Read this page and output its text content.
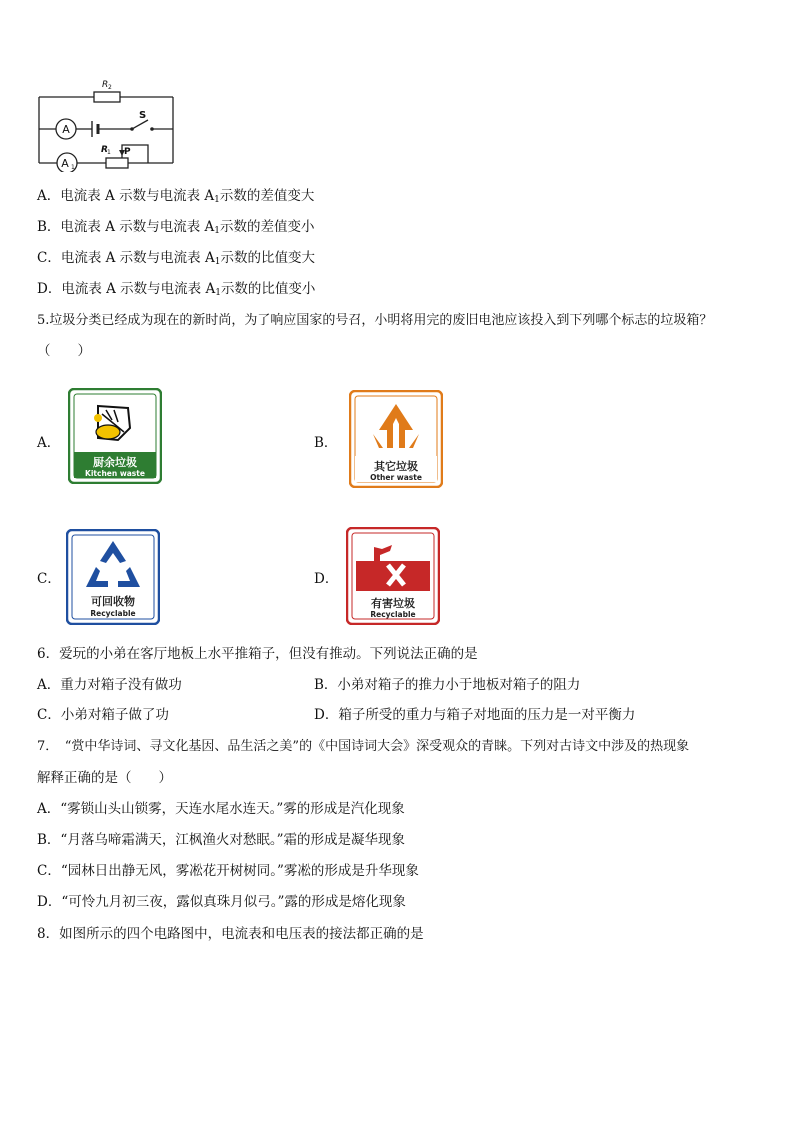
A
A 1
R 2
S
R 1 P
A．电流表 A 示数与电流表 $A_1$示数的差值变大
B．电流表 A 示数与电流表 $A_1$示数的差值变小
C．电流表 A 示数与电流表 $A_1$示数的比值变大
D．电流表 A 示数与电流表 $A_1$示数的比值变小
5.垃圾分类已经成为现在的新时尚，为了响应国家的号召，小明将用完的废旧电池应该投入到下列哪个标志的垃圾箱？
（　　）
A．
厨余垃圾
Kitchen waste
B．
其它垃圾
Other waste
C．
可回收物
Recyclable
D．
有害垃圾
Recyclable
6．爱玩的小弟在客厅地板上水平推箱子，但没有推动。下列说法正确的是
A．重力对箱子没有做功	B．小弟对箱子的推力小于地板对箱子的阻力
C．小弟对箱子做了功	D．箱子所受的重力与箱子对地面的压力是一对平衡力
7．　“赏中华诗词、寻文化基因、品生活之美”的《中国诗词大会》深受观众的青睐。下列对古诗文中涉及的热现象
解释正确的是（　　）
A．“雾锁山头山锁雾，天连水尾水连天。”雾的形成是汽化现象
B．“月落乌啼霜满天，江枫渔火对愁眠。”霜的形成是凝华现象
C．“园林日出静无风，雾凇花开树树同。”雾凇的形成是升华现象
D．“可怜九月初三夜，露似真珠月似弓。”露的形成是熔化现象
8．如图所示的四个电路图中，电流表和电压表的接法都正确的是
